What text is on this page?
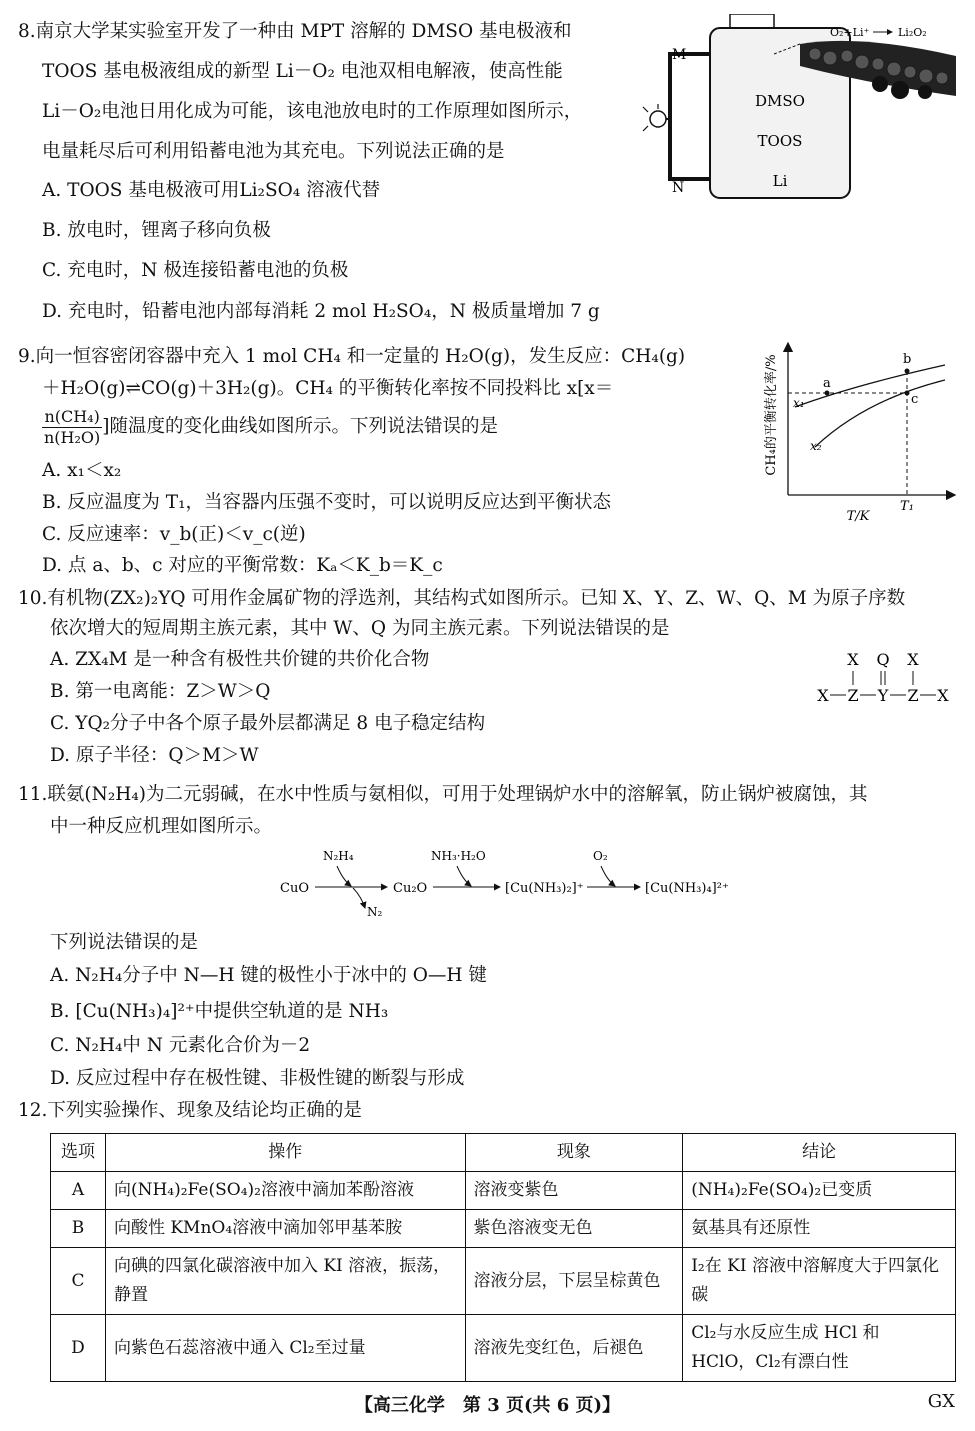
8.南京大学某实验室开发了一种由 MPT 溶解的 DMSO 基电极液和
TOOS 基电极液组成的新型 Li－O₂ 电池双相电解液，使高性能
Li－O₂电池日用化成为可能，该电池放电时的工作原理如图所示，
电量耗尽后可利用铅蓄电池为其充电。下列说法正确的是
A. TOOS 基电极液可用Li₂SO₄ 溶液代替
B. 放电时，锂离子移向负极
C. 充电时，N 极连接铅蓄电池的负极
D. 充电时，铅蓄电池内部每消耗 2 mol H₂SO₄，N 极质量增加 7 g
M
N
DMSO
TOOS
Li
O₂+Li⁺	Li₂O₂
9.向一恒容密闭容器中充入 1 mol CH₄ 和一定量的 H₂O(g)，发生反应：CH₄(g)
＋H₂O(g)⇌CO(g)＋3H₂(g)。CH₄ 的平衡转化率按不同投料比 x[x＝
$\frac{\text{n(CH₄)}}{\text{n(H₂O)}}$ ]随温度的变化曲线如图所示。下列说法错误的是
A. x₁＜x₂
B. 反应温度为 T₁，当容器内压强不变时，可以说明反应达到平衡状态
C. 反应速率：v_b(正)＜v_c(逆)
D. 点 a、b、c 对应的平衡常数：Kₐ＜K_b＝K_c
CH₄的平衡转化率/%
T/K
T₁
a
b
c
x₁
x₂
10.有机物(ZX₂)₂YQ 可用作金属矿物的浮选剂，其结构式如图所示。已知 X、Y、Z、W、Q、M 为原子序数
依次增大的短周期主族元素，其中 W、Q 为同主族元素。下列说法错误的是
A. ZX₄M 是一种含有极性共价键的共价化合物
B. 第一电离能：Z＞W＞Q
C. YQ₂分子中各个原子最外层都满足 8 电子稳定结构
D. 原子半径：Q＞M＞W
X Q X
X Z Y Z X
11.联氨(N₂H₄)为二元弱碱，在水中性质与氨相似，可用于处理锅炉水中的溶解氧，防止锅炉被腐蚀，其
中一种反应机理如图所示。
CuO
N₂H₄
N₂
Cu₂O
NH₃·H₂O
[Cu(NH₃)₂]⁺
O₂
[Cu(NH₃)₄]²⁺
下列说法错误的是
A. N₂H₄分子中 N—H 键的极性小于冰中的 O—H 键
B. [Cu(NH₃)₄]²⁺中提供空轨道的是 NH₃
C. N₂H₄中 N 元素化合价为－2
D. 反应过程中存在极性键、非极性键的断裂与形成
12.下列实验操作、现象及结论均正确的是
选项	操作	现象	结论
A	向(NH₄)₂Fe(SO₄)₂溶液中滴加苯酚溶液	溶液变紫色	(NH₄)₂Fe(SO₄)₂已变质
B	向酸性 KMnO₄溶液中滴加邻甲基苯胺	紫色溶液变无色	氨基具有还原性
C	向碘的四氯化碳溶液中加入 KI 溶液，振荡，静置	溶液分层，下层呈棕黄色	I₂在 KI 溶液中溶解度大于四氯化碳
D	向紫色石蕊溶液中通入 Cl₂至过量	溶液先变红色，后褪色	Cl₂与水反应生成 HCl 和 HClO，Cl₂有漂白性
【高三化学　第 3 页(共 6 页)】	GX
